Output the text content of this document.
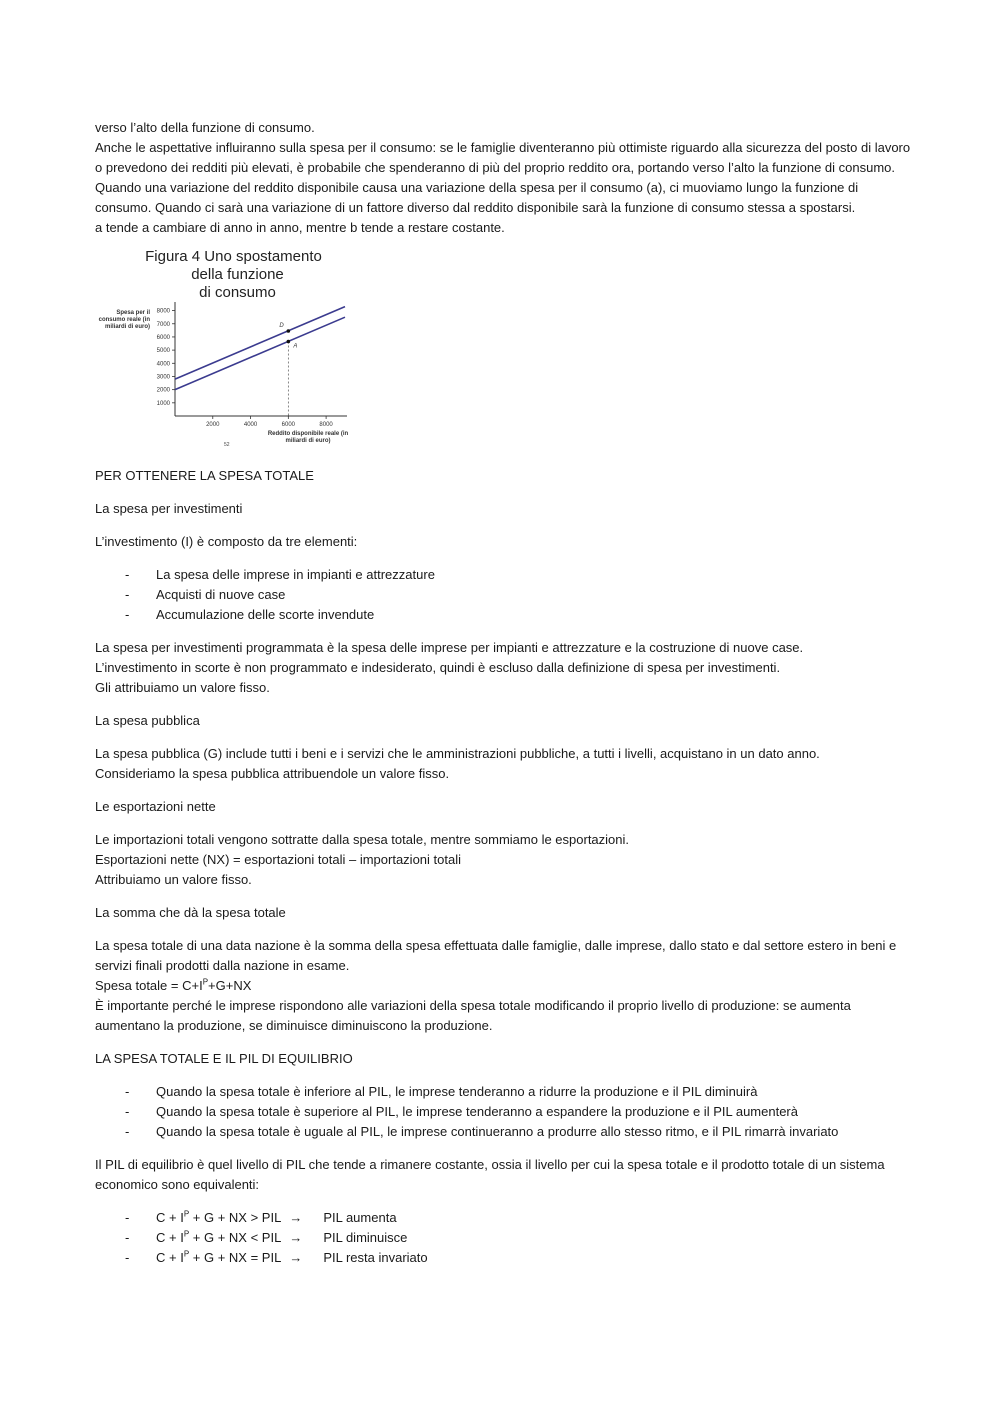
verso l’alto della funzione di consumo.

Anche le aspettative influiranno sulla spesa per il consumo: se le famiglie diventeranno più ottimiste riguardo alla sicurezza del posto di lavoro o prevedono dei redditi più elevati, è probabile che spenderanno di più del proprio reddito ora, portando verso l’alto la funzione di consumo.

Quando una variazione del reddito disponibile causa una variazione della spesa per il consumo (a), ci muoviamo lungo la funzione di consumo. Quando ci sarà una variazione di un fattore diverso dal reddito disponibile sarà la funzione di consumo stessa a spostarsi.

a tende a cambiare di anno in anno, mentre b tende a restare costante.

Figura 4 Uno spostamento
della funzione
di consumo
Spesa per il consumo reale (in miliardi di euro)
1000
2000
3000
4000
5000
6000
7000
8000
2000	4000	6000	8000
D
A
Reddito disponibile reale (in miliardi di euro)
52

PER OTTENERE LA SPESA TOTALE

La spesa per investimenti

L’investimento (I) è composto da tre elementi:

- La spesa delle imprese in impianti e attrezzature
- Acquisti di nuove case
- Accumulazione delle scorte invendute

La spesa per investimenti programmata è la spesa delle imprese per impianti e attrezzature e la costruzione di nuove case.

L’investimento in scorte è non programmato e indesiderato, quindi è escluso dalla definizione di spesa per investimenti.

Gli attribuiamo un valore fisso.

La spesa pubblica

La spesa pubblica (G) include tutti i beni e i servizi che le amministrazioni pubbliche, a tutti i livelli, acquistano in un dato anno.

Consideriamo la spesa pubblica attribuendole un valore fisso.

Le esportazioni nette

Le importazioni totali vengono sottratte dalla spesa totale, mentre sommiamo le esportazioni.

Esportazioni nette (NX) = esportazioni totali – importazioni totali

Attribuiamo un valore fisso.

La somma che dà la spesa totale

La spesa totale di una data nazione è la somma della spesa effettuata dalle famiglie, dalle imprese, dallo stato e dal settore estero in beni e servizi finali prodotti dalla nazione in esame.

Spesa totale = $C+I^P+G+NX$

È importante perché le imprese rispondono alle variazioni della spesa totale modificando il proprio livello di produzione: se aumenta aumentano la produzione, se diminuisce diminuiscono la produzione.

LA SPESA TOTALE E IL PIL DI EQUILIBRIO

- Quando la spesa totale è inferiore al PIL, le imprese tenderanno a ridurre la produzione e il PIL diminuirà
- Quando la spesa totale è superiore al PIL, le imprese tenderanno a espandere la produzione e il PIL aumenterà
- Quando la spesa totale è uguale al PIL, le imprese continueranno a produrre allo stesso ritmo, e il PIL rimarrà invariato

Il PIL di equilibrio è quel livello di PIL che tende a rimanere costante, ossia il livello per cui la spesa totale e il prodotto totale di un sistema economico sono equivalenti:

- $C + I^P + G$ + NX > PIL → PIL aumenta
- $C + I^P + G$ + NX < PIL → PIL diminuisce
- $C + I^P + G$ + NX = PIL → PIL resta invariato
